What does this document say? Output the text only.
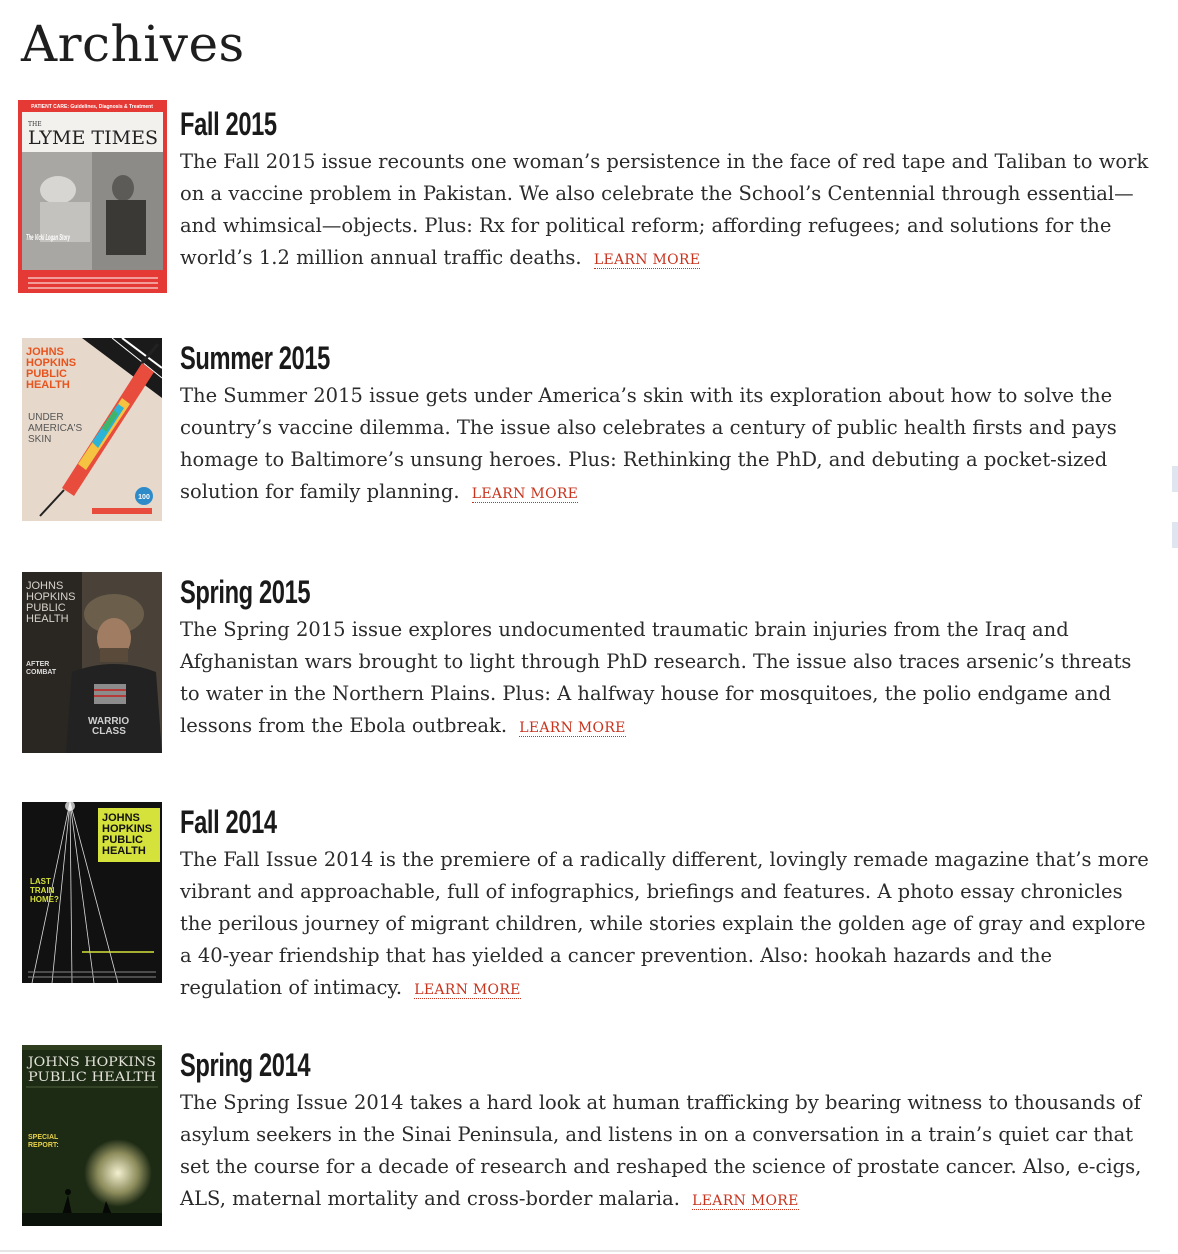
Archives
PATIENT CARE: Guidelines, Diagnosis & Treatment
THE
LYME TIMES
The Vicki Logan Story
Fall 2015

The Fall 2015 issue recounts one woman’s persistence in the face of red tape and Taliban to work on a vaccine problem in Pakistan. We also celebrate the School’s Centennial through essential—and whimsical—objects. Plus: Rx for political reform; affording refugees; and solutions for the world’s 1.2 million annual traffic deaths. LEARN MORE

JOHNS
HOPKINS
PUBLIC
HEALTH
UNDER
AMERICA'S
SKIN
100
Summer 2015

The Summer 2015 issue gets under America’s skin with its exploration about how to solve the country’s vaccine dilemma. The issue also celebrates a century of public health firsts and pays homage to Baltimore’s unsung heroes. Plus: Rethinking the PhD, and debuting a pocket-sized solution for family planning. LEARN MORE

JOHNS
HOPKINS
PUBLIC
HEALTH
AFTER
COMBAT
WARRIO
CLASS
Spring 2015

The Spring 2015 issue explores undocumented traumatic brain injuries from the Iraq and Afghanistan wars brought to light through PhD research. The issue also traces arsenic’s threats to water in the Northern Plains. Plus: A halfway house for mosquitoes, the polio endgame and lessons from the Ebola outbreak. LEARN MORE

JOHNS
HOPKINS
PUBLIC
HEALTH
LAST
TRAIN
HOME?
Fall 2014

The Fall Issue 2014 is the premiere of a radically different, lovingly remade magazine that’s more vibrant and approachable, full of infographics, briefings and features. A photo essay chronicles the perilous journey of migrant children, while stories explain the golden age of gray and explore a 40-year friendship that has yielded a cancer prevention. Also: hookah hazards and the regulation of intimacy. LEARN MORE

JOHNS HOPKINS
PUBLIC HEALTH
SPECIAL
REPORT:
Spring 2014

The Spring Issue 2014 takes a hard look at human trafficking by bearing witness to thousands of asylum seekers in the Sinai Peninsula, and listens in on a conversation in a train’s quiet car that set the course for a decade of research and reshaped the science of prostate cancer. Also, e-cigs, ALS, maternal mortality and cross-border malaria. LEARN MORE
